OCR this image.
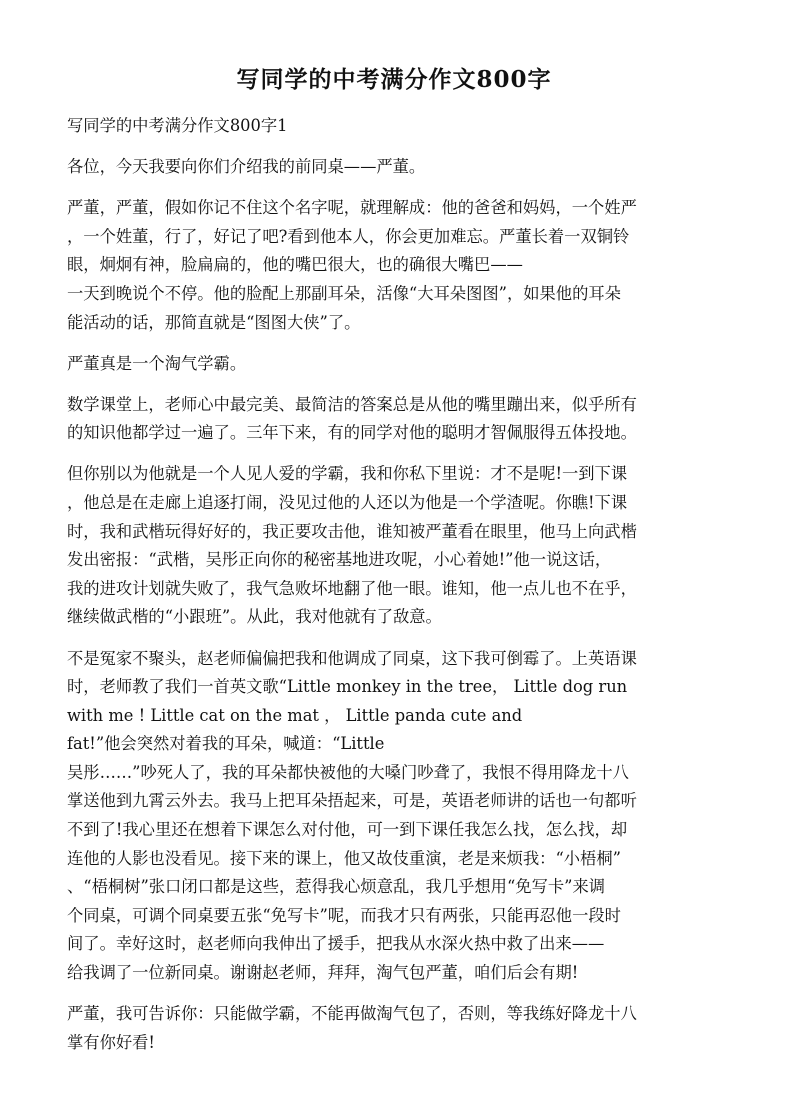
写同学的中考满分作文800字

写同学的中考满分作文800字1

各位，今天我要向你们介绍我的前同桌——严董。

严董，严董，假如你记不住这个名字呢，就理解成：他的爸爸和妈妈，一个姓严
，一个姓董，行了，好记了吧?看到他本人，你会更加难忘。严董长着一双铜铃
眼，炯炯有神，脸扁扁的，他的嘴巴很大，也的确很大嘴巴——
一天到晚说个不停。他的脸配上那副耳朵，活像“大耳朵图图”，如果他的耳朵
能活动的话，那简直就是“图图大侠”了。

严董真是一个淘气学霸。

数学课堂上，老师心中最完美、最简洁的答案总是从他的嘴里蹦出来，似乎所有
的知识他都学过一遍了。三年下来，有的同学对他的聪明才智佩服得五体投地。

但你别以为他就是一个人见人爱的学霸，我和你私下里说：才不是呢!一到下课
，他总是在走廊上追逐打闹，没见过他的人还以为他是一个学渣呢。你瞧!下课
时，我和武楷玩得好好的，我正要攻击他，谁知被严董看在眼里，他马上向武楷
发出密报：“武楷，吴彤正向你的秘密基地进攻呢，小心着她!”他一说这话，
我的进攻计划就失败了，我气急败坏地翻了他一眼。谁知，他一点儿也不在乎，
继续做武楷的“小跟班”。从此，我对他就有了敌意。

不是冤家不聚头，赵老师偏偏把我和他调成了同桌，这下我可倒霉了。上英语课
时，老师教了我们一首英文歌“Little monkey in the tree， Little dog run
with me ! Little cat on the mat ， Little panda cute and
fat!”他会突然对着我的耳朵，喊道：“Little
吴彤……”吵死人了，我的耳朵都快被他的大嗓门吵聋了，我恨不得用降龙十八
掌送他到九霄云外去。我马上把耳朵捂起来，可是，英语老师讲的话也一句都听
不到了!我心里还在想着下课怎么对付他，可一到下课任我怎么找，怎么找，却
连他的人影也没看见。接下来的课上，他又故伎重演，老是来烦我：“小梧桐”
、“梧桐树”张口闭口都是这些，惹得我心烦意乱，我几乎想用“免写卡”来调
个同桌，可调个同桌要五张“免写卡”呢，而我才只有两张，只能再忍他一段时
间了。幸好这时，赵老师向我伸出了援手，把我从水深火热中救了出来——
给我调了一位新同桌。谢谢赵老师，拜拜，淘气包严董，咱们后会有期!

严董，我可告诉你：只能做学霸，不能再做淘气包了，否则，等我练好降龙十八
掌有你好看!
